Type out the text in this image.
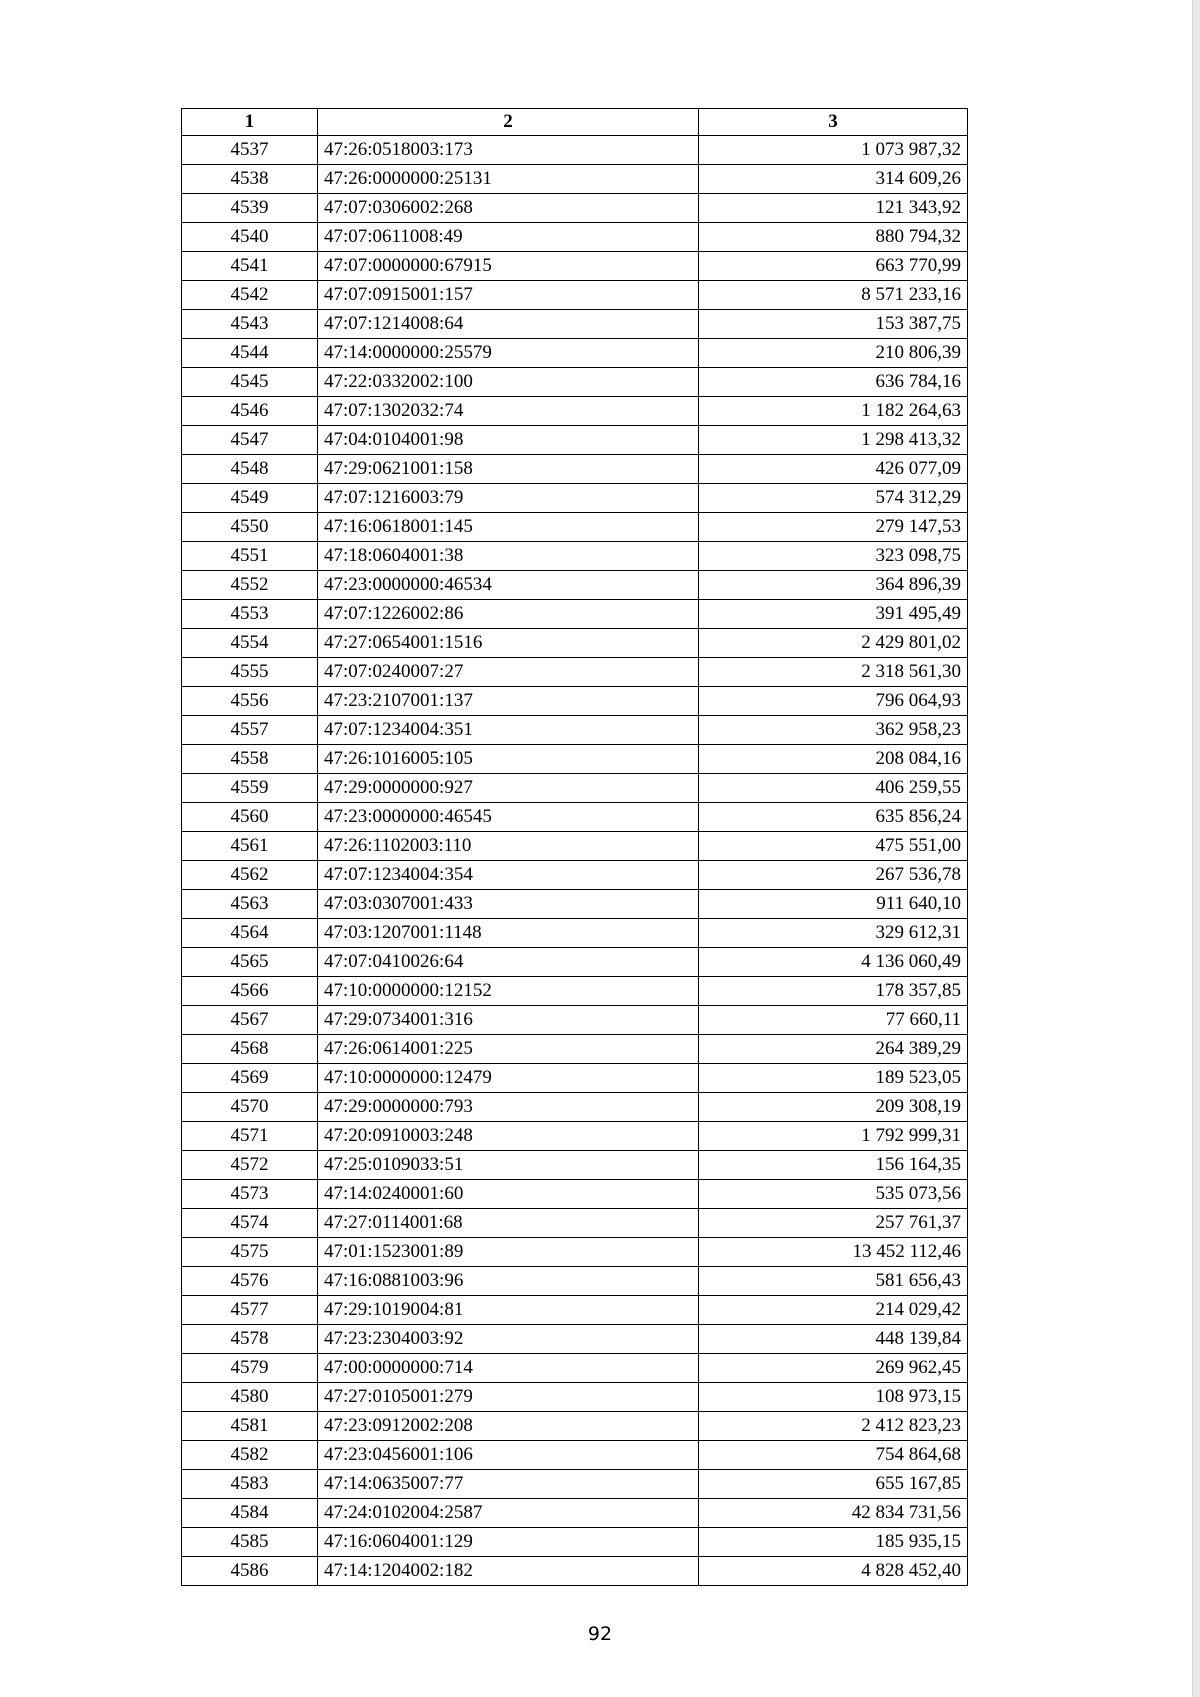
1	2	3
4537	47:26:0518003:173	1 073 987,32
4538	47:26:0000000:25131	314 609,26
4539	47:07:0306002:268	121 343,92
4540	47:07:0611008:49	880 794,32
4541	47:07:0000000:67915	663 770,99
4542	47:07:0915001:157	8 571 233,16
4543	47:07:1214008:64	153 387,75
4544	47:14:0000000:25579	210 806,39
4545	47:22:0332002:100	636 784,16
4546	47:07:1302032:74	1 182 264,63
4547	47:04:0104001:98	1 298 413,32
4548	47:29:0621001:158	426 077,09
4549	47:07:1216003:79	574 312,29
4550	47:16:0618001:145	279 147,53
4551	47:18:0604001:38	323 098,75
4552	47:23:0000000:46534	364 896,39
4553	47:07:1226002:86	391 495,49
4554	47:27:0654001:1516	2 429 801,02
4555	47:07:0240007:27	2 318 561,30
4556	47:23:2107001:137	796 064,93
4557	47:07:1234004:351	362 958,23
4558	47:26:1016005:105	208 084,16
4559	47:29:0000000:927	406 259,55
4560	47:23:0000000:46545	635 856,24
4561	47:26:1102003:110	475 551,00
4562	47:07:1234004:354	267 536,78
4563	47:03:0307001:433	911 640,10
4564	47:03:1207001:1148	329 612,31
4565	47:07:0410026:64	4 136 060,49
4566	47:10:0000000:12152	178 357,85
4567	47:29:0734001:316	77 660,11
4568	47:26:0614001:225	264 389,29
4569	47:10:0000000:12479	189 523,05
4570	47:29:0000000:793	209 308,19
4571	47:20:0910003:248	1 792 999,31
4572	47:25:0109033:51	156 164,35
4573	47:14:0240001:60	535 073,56
4574	47:27:0114001:68	257 761,37
4575	47:01:1523001:89	13 452 112,46
4576	47:16:0881003:96	581 656,43
4577	47:29:1019004:81	214 029,42
4578	47:23:2304003:92	448 139,84
4579	47:00:0000000:714	269 962,45
4580	47:27:0105001:279	108 973,15
4581	47:23:0912002:208	2 412 823,23
4582	47:23:0456001:106	754 864,68
4583	47:14:0635007:77	655 167,85
4584	47:24:0102004:2587	42 834 731,56
4585	47:16:0604001:129	185 935,15
4586	47:14:1204002:182	4 828 452,40
92
